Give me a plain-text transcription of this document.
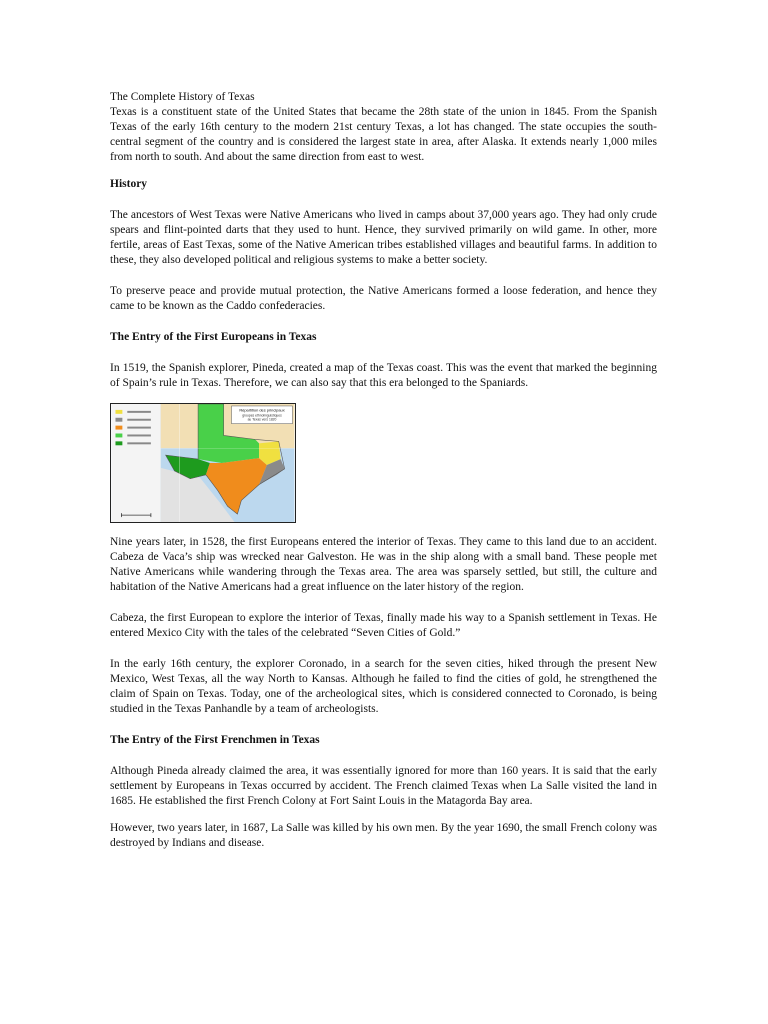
The Complete History of Texas

Texas is a constituent state of the United States that became the 28th state of the union in 1845. From the Spanish Texas of the early 16th century to the modern 21st century Texas, a lot has changed. The state occupies the south-central segment of the country and is considered the largest state in area, after Alaska. It extends nearly 1,000 miles from north to south. And about the same direction from east to west.

History

The ancestors of West Texas were Native Americans who lived in camps about 37,000 years ago. They had only crude spears and flint-pointed darts that they used to hunt. Hence, they survived primarily on wild game. In other, more fertile, areas of East Texas, some of the Native American tribes established villages and beautiful farms. In addition to these, they also developed political and religious systems to make a better society.

To preserve peace and provide mutual protection, the Native Americans formed a loose federation, and hence they came to be known as the Caddo confederacies.

The Entry of the First Europeans in Texas

In 1519, the Spanish explorer, Pineda, created a map of the Texas coast. This was the event that marked the beginning of Spain’s rule in Texas. Therefore, we can also say that this era belonged to the Spaniards.

Répartition des principaux
groupes ethnolinguistiques
au Texas vers 1820

Nine years later, in 1528, the first Europeans entered the interior of Texas. They came to this land due to an accident. Cabeza de Vaca’s ship was wrecked near Galveston. He was in the ship along with a small band. These people met Native Americans while wandering through the Texas area. The area was sparsely settled, but still, the culture and habitation of the Native Americans had a great influence on the later history of the region.

Cabeza, the first European to explore the interior of Texas, finally made his way to a Spanish settlement in Texas. He entered Mexico City with the tales of the celebrated “Seven Cities of Gold.”

In the early 16th century, the explorer Coronado, in a search for the seven cities, hiked through the present New Mexico, West Texas, all the way North to Kansas. Although he failed to find the cities of gold, he strengthened the claim of Spain on Texas. Today, one of the archeological sites, which is considered connected to Coronado, is being studied in the Texas Panhandle by a team of archeologists.

The Entry of the First Frenchmen in Texas

Although Pineda already claimed the area, it was essentially ignored for more than 160 years. It is said that the early settlement by Europeans in Texas occurred by accident. The French claimed Texas when La Salle visited the land in 1685. He established the first French Colony at Fort Saint Louis in the Matagorda Bay area.

However, two years later, in 1687, La Salle was killed by his own men. By the year 1690, the small French colony was destroyed by Indians and disease.
